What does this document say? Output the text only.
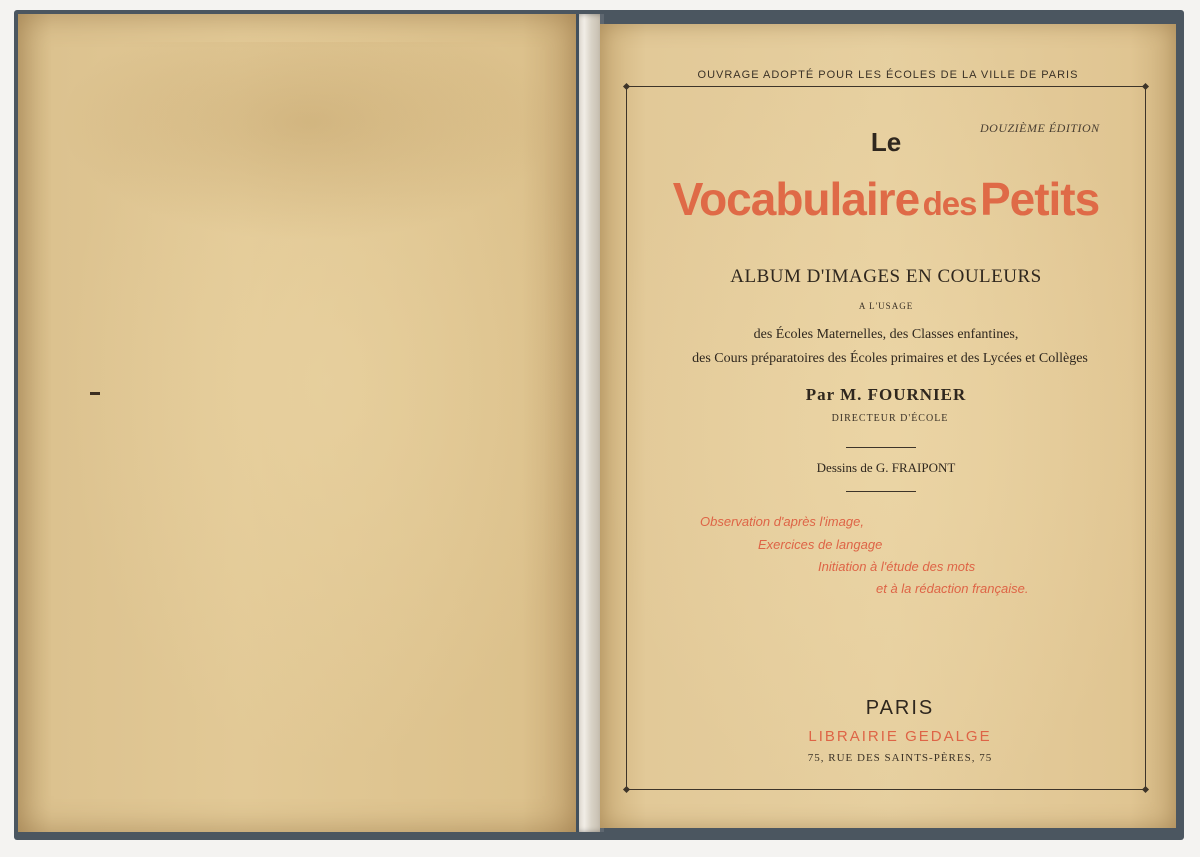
OUVRAGE ADOPTÉ POUR LES ÉCOLES DE LA VILLE DE PARIS
DOUZIÈME ÉDITION
Le
Vocabulaire des Petits
ALBUM D'IMAGES EN COULEURS
A L'USAGE
des Écoles Maternelles, des Classes enfantines,
des Cours préparatoires des Écoles primaires et des Lycées et Collèges
Par M. FOURNIER
DIRECTEUR D'ÉCOLE
Dessins de G. FRAIPONT
Observation d'après l'image,
Exercices de langage
Initiation à l'étude des mots
et à la rédaction française.
PARIS
LIBRAIRIE GEDALGE
75, RUE DES SAINTS-PÈRES, 75
